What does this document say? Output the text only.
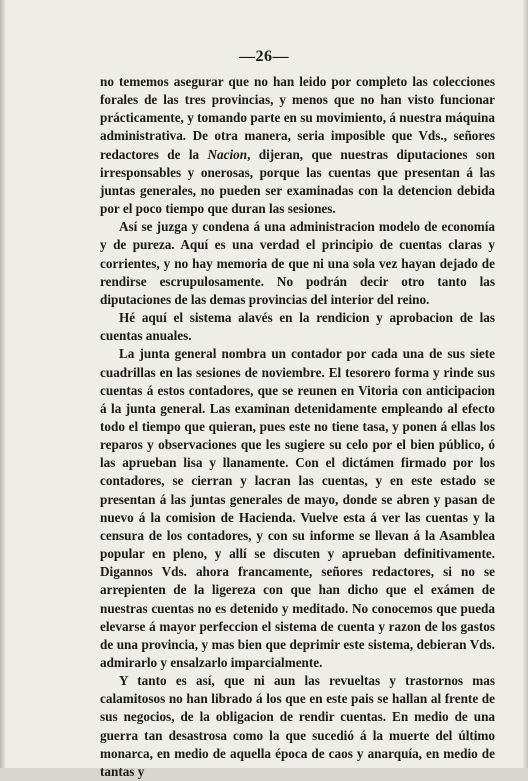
—26—

no tememos asegurar que no han leido por completo las colecciones forales de las tres provincias, y menos que no han visto funcionar prácticamente, y tomando parte en su movimiento, á nuestra máquina administrativa. De otra manera, seria imposible que Vds., señores redactores de la Nacion, dijeran, que nuestras diputaciones son irresponsables y onerosas, porque las cuentas que presentan á las juntas generales, no pueden ser examinadas con la detencion debida por el poco tiempo que duran las sesiones.

Así se juzga y condena á una administracion modelo de economía y de pureza. Aquí es una verdad el principio de cuentas claras y corrientes, y no hay memoria de que ni una sola vez hayan dejado de rendirse escrupulosamente. No podrán decir otro tanto las diputaciones de las demas provincias del interior del reino.

Hé aquí el sistema alavés en la rendicion y aprobacion de las cuentas anuales.

La junta general nombra un contador por cada una de sus siete cuadrillas en las sesiones de noviembre. El tesorero forma y rinde sus cuentas á estos contadores, que se reunen en Vitoria con anticipacion á la junta general. Las examinan detenidamente empleando al efecto todo el tiempo que quieran, pues este no tiene tasa, y ponen á ellas los reparos y observaciones que les sugiere su celo por el bien público, ó las aprueban lisa y llanamente. Con el dictámen firmado por los contadores, se cierran y lacran las cuentas, y en este estado se presentan á las juntas generales de mayo, donde se abren y pasan de nuevo á la comision de Hacienda. Vuelve esta á ver las cuentas y la censura de los contadores, y con su informe se llevan á la Asamblea popular en pleno, y allí se discuten y aprueban definitivamente. Digannos Vds. ahora francamente, señores redactores, si no se arrepienten de la ligereza con que han dicho que el exámen de nuestras cuentas no es detenido y meditado. No conocemos que pueda elevarse á mayor perfeccion el sistema de cuenta y razon de los gastos de una provincia, y mas bien que deprimir este sistema, debieran Vds. admirarlo y ensalzarlo imparcialmente.

Y tanto es así, que ni aun las revueltas y trastornos mas calamitosos no han librado á los que en este pais se hallan al frente de sus negocios, de la obligacion de rendir cuentas. En medio de una guerra tan desastrosa como la que sucedió á la muerte del último monarca, en medio de aquella época de caos y anarquía, en medio de tantas y
